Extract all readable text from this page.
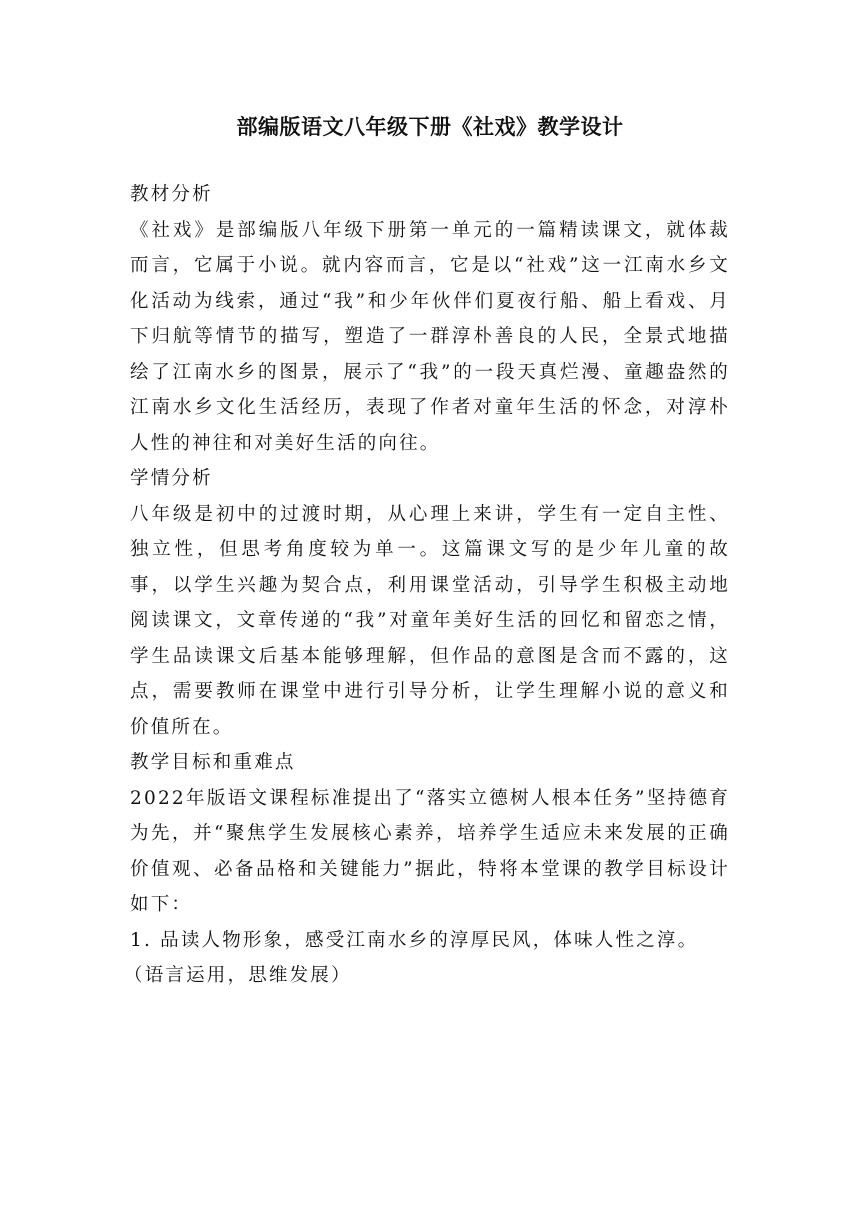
部编版语文八年级下册《社戏》教学设计

教材分析

《社戏》是部编版八年级下册第一单元的一篇精读课文，就体裁而言，它属于小说。就内容而言，它是以“社戏”这一江南水乡文化活动为线索，通过“我”和少年伙伴们夏夜行船、船上看戏、月下归航等情节的描写，塑造了一群淳朴善良的人民，全景式地描绘了江南水乡的图景，展示了“我”的一段天真烂漫、童趣盎然的江南水乡文化生活经历，表现了作者对童年生活的怀念，对淳朴人性的神往和对美好生活的向往。

学情分析

八年级是初中的过渡时期，从心理上来讲，学生有一定自主性、独立性，但思考角度较为单一。这篇课文写的是少年儿童的故事，以学生兴趣为契合点，利用课堂活动，引导学生积极主动地阅读课文，文章传递的“我”对童年美好生活的回忆和留恋之情，学生品读课文后基本能够理解，但作品的意图是含而不露的，这点，需要教师在课堂中进行引导分析，让学生理解小说的意义和价值所在。

教学目标和重难点

2022年版语文课程标准提出了“落实立德树人根本任务”坚持德育为先，并“聚焦学生发展核心素养，培养学生适应未来发展的正确价值观、必备品格和关键能力”据此，特将本堂课的教学目标设计如下：

1. 品读人物形象，感受江南水乡的淳厚民风，体味人性之淳。

（语言运用，思维发展）
